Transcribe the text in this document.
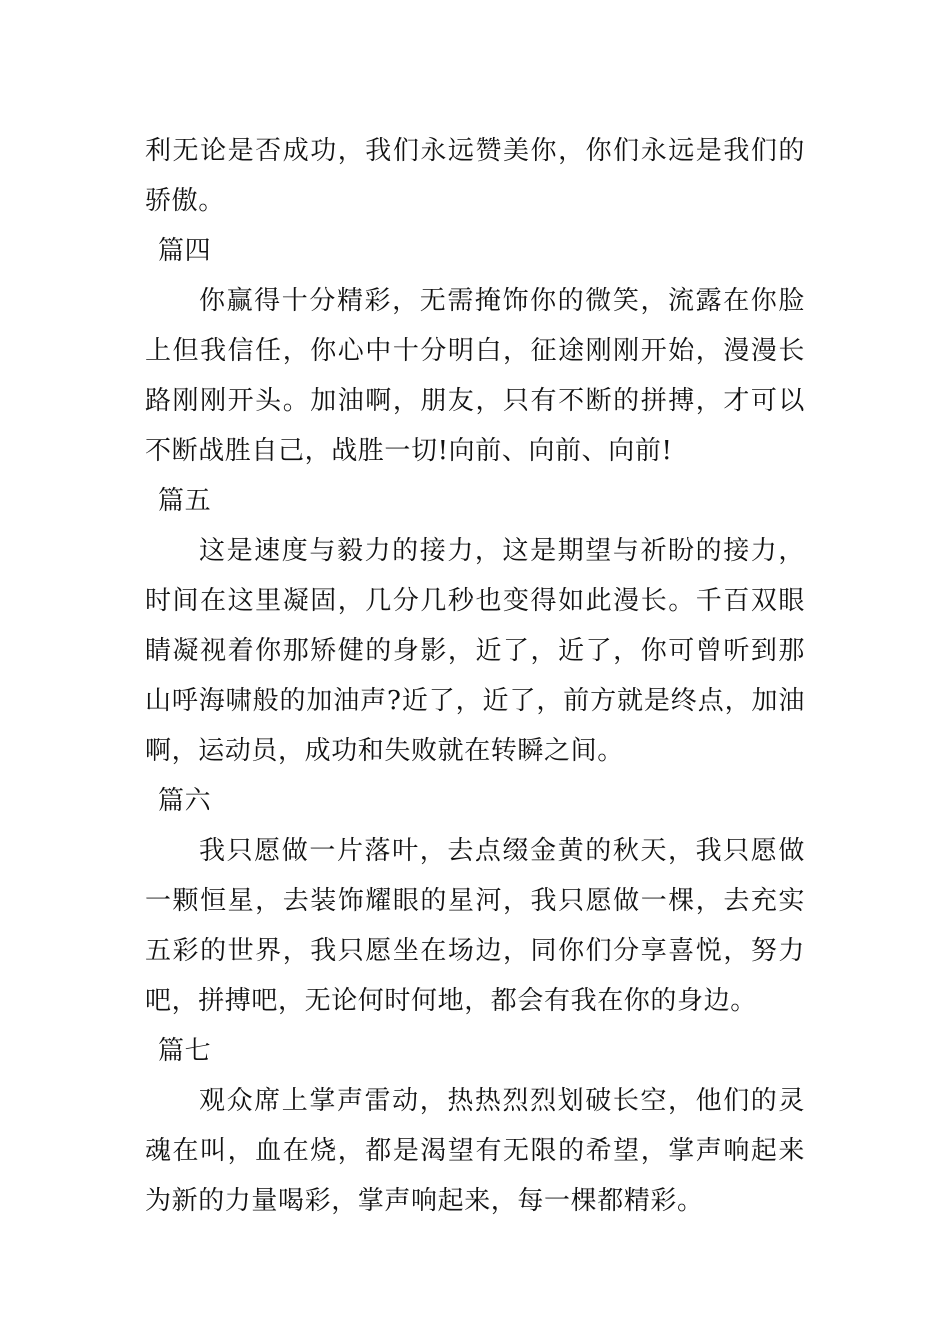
利无论是否成功，我们永远赞美你，你们永远是我们的骄傲。

篇四

你赢得十分精彩，无需掩饰你的微笑，流露在你脸上但我信任，你心中十分明白，征途刚刚开始，漫漫长路刚刚开头。加油啊，朋友，只有不断的拼搏，才可以不断战胜自己，战胜一切!向前、向前、向前!

篇五

这是速度与毅力的接力，这是期望与祈盼的接力，时间在这里凝固，几分几秒也变得如此漫长。千百双眼睛凝视着你那矫健的身影，近了，近了，你可曾听到那山呼海啸般的加油声?近了，近了，前方就是终点，加油啊，运动员，成功和失败就在转瞬之间。

篇六

我只愿做一片落叶，去点缀金黄的秋天，我只愿做一颗恒星，去装饰耀眼的星河，我只愿做一棵，去充实五彩的世界，我只愿坐在场边，同你们分享喜悦，努力吧，拼搏吧，无论何时何地，都会有我在你的身边。

篇七

观众席上掌声雷动，热热烈烈划破长空，他们的灵魂在叫，血在烧，都是渴望有无限的希望，掌声响起来为新的力量喝彩，掌声响起来，每一棵都精彩。
